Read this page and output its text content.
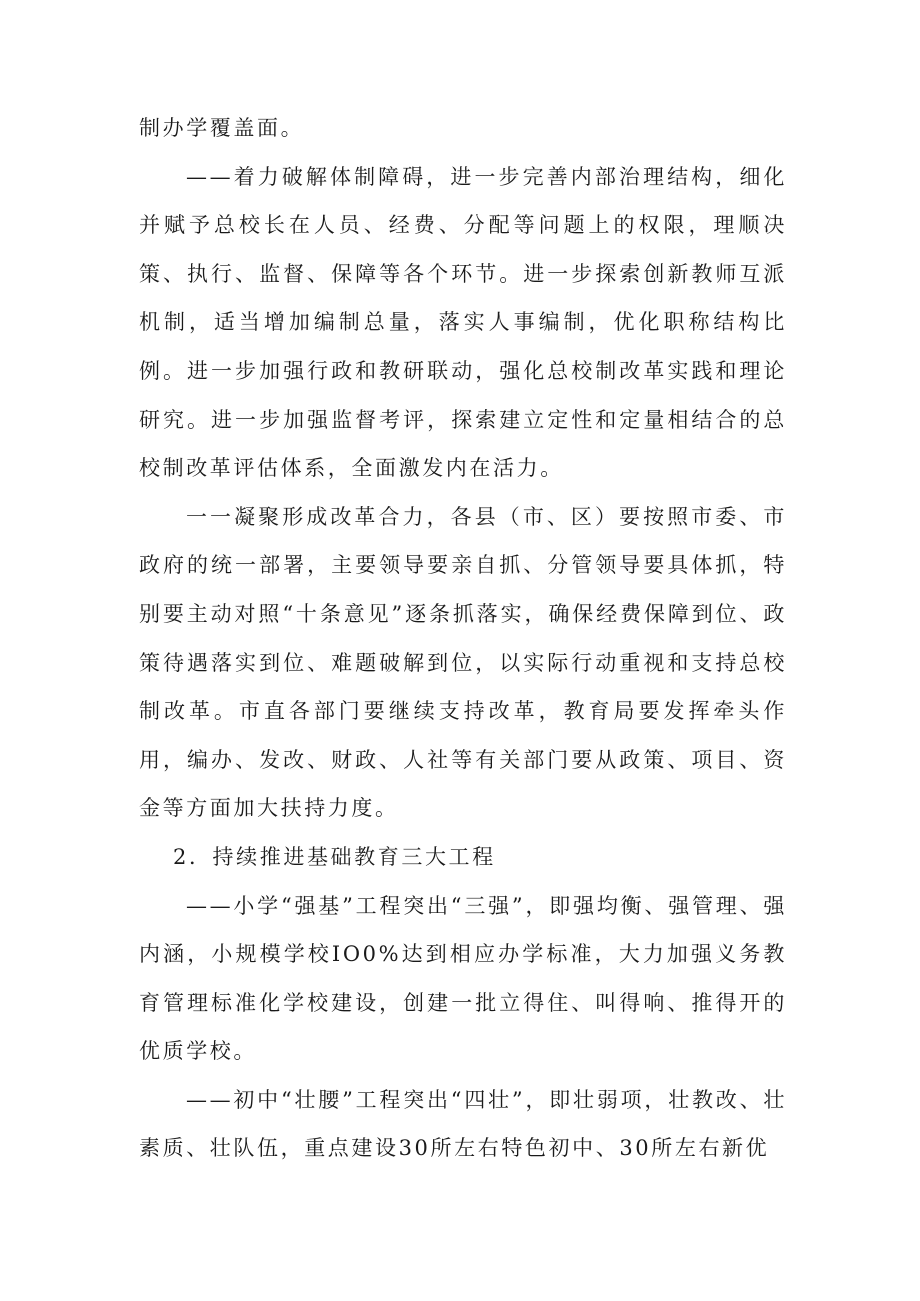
制办学覆盖面。

——着力破解体制障碍，进一步完善内部治理结构，细化并赋予总校长在人员、经费、分配等问题上的权限，理顺决策、执行、监督、保障等各个环节。进一步探索创新教师互派机制，适当增加编制总量，落实人事编制，优化职称结构比例。进一步加强行政和教研联动，强化总校制改革实践和理论研究。进一步加强监督考评，探索建立定性和定量相结合的总校制改革评估体系，全面激发内在活力。

一一凝聚形成改革合力，各县（市、区）要按照市委、市政府的统一部署，主要领导要亲自抓、分管领导要具体抓，特别要主动对照“十条意见”逐条抓落实，确保经费保障到位、政策待遇落实到位、难题破解到位，以实际行动重视和支持总校制改革。市直各部门要继续支持改革，教育局要发挥牵头作用，编办、发改、财政、人社等有关部门要从政策、项目、资金等方面加大扶持力度。

2．持续推进基础教育三大工程

——小学“强基”工程突出“三强”，即强均衡、强管理、强内涵，小规模学校IO0%达到相应办学标准，大力加强义务教育管理标准化学校建设，创建一批立得住、叫得响、推得开的优质学校。

——初中“壮腰”工程突出“四壮”，即壮弱项，壮教改、壮素质、壮队伍，重点建设30所左右特色初中、30所左右新优
